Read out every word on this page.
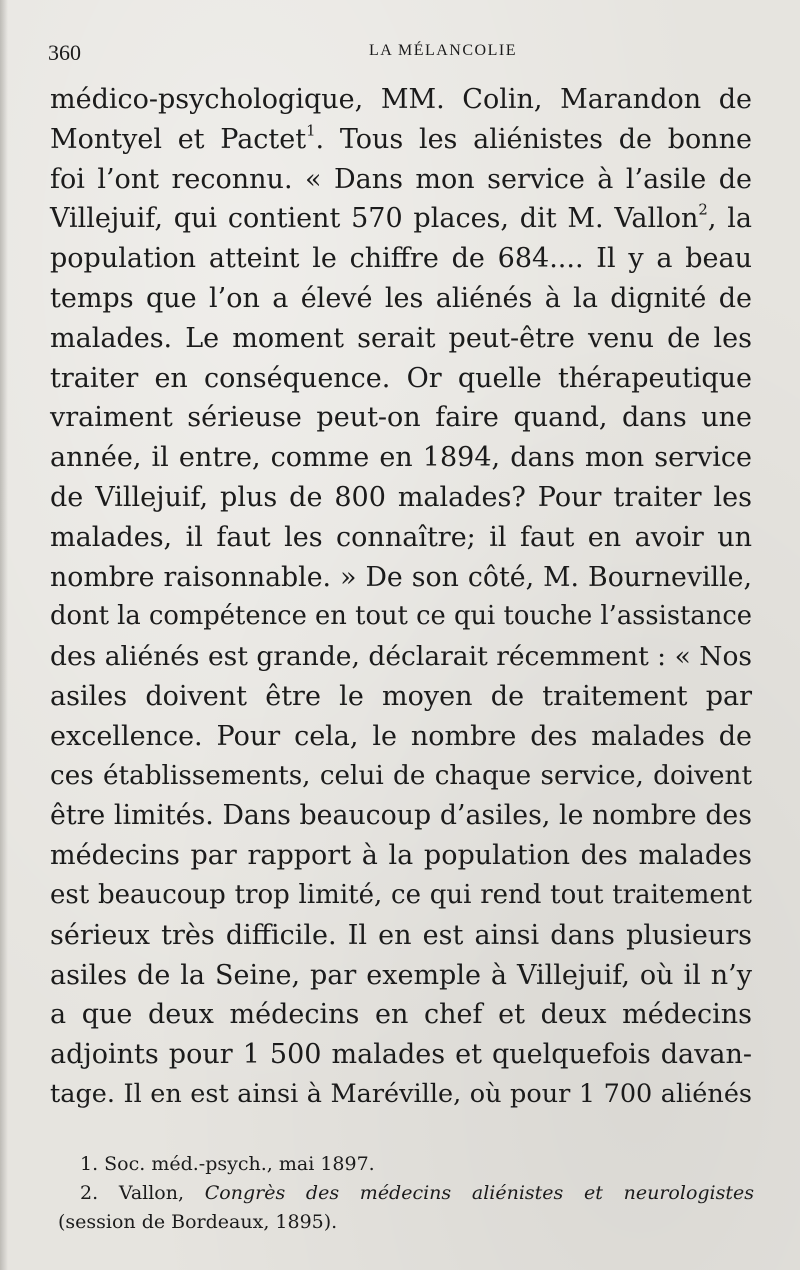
360	LA MÉLANCOLIE
médico-psychologique, MM. Colin, Marandon de
Montyel et Pactet$^1$. Tous les aliénistes de bonne
foi l’ont reconnu. « Dans mon service à l’asile de
Villejuif, qui contient 570 places, dit M. Vallon$^2$, la
population atteint le chiffre de 684.... Il y a beau
temps que l’on a élevé les aliénés à la dignité de
malades. Le moment serait peut-être venu de les
traiter en conséquence. Or quelle thérapeutique
vraiment sérieuse peut-on faire quand, dans une
année, il entre, comme en 1894, dans mon service
de Villejuif, plus de 800 malades? Pour traiter les
malades, il faut les connaître; il faut en avoir un
nombre raisonnable. » De son côté, M. Bourneville,
dont la compétence en tout ce qui touche l’assistance
des aliénés est grande, déclarait récemment : « Nos
asiles doivent être le moyen de traitement par
excellence. Pour cela, le nombre des malades de
ces établissements, celui de chaque service, doivent
être limités. Dans beaucoup d’asiles, le nombre des
médecins par rapport à la population des malades
est beaucoup trop limité, ce qui rend tout traitement
sérieux très difficile. Il en est ainsi dans plusieurs
asiles de la Seine, par exemple à Villejuif, où il n’y
a que deux médecins en chef et deux médecins
adjoints pour 1 500 malades et quelquefois davan-
tage. Il en est ainsi à Maréville, où pour 1 700 aliénés
1. Soc. méd.-psych., mai 1897.
2. Vallon, Congrès des médecins aliénistes et neurologistes
(session de Bordeaux, 1895).
